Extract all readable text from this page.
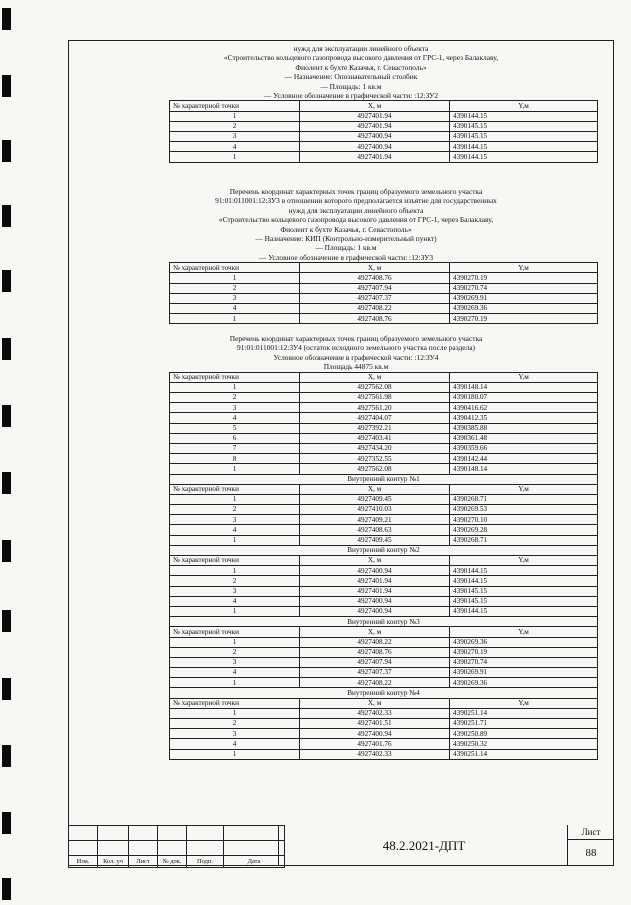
нужд для эксплуатации линейного объекта
«Строительство кольцевого газопровода высокого давления от ГРС-1, через Балаклаву,
Фиолент к бухте Казачья, г. Севастополь»
— Назначение: Опознавательный столбик
— Площадь: 1 кв.м
— Условное обозначение в графической части: :12:ЗУ2
№ характерной точки	X, м	Y,м
1	4927401.94	4390144.15
2	4927401.94	4390145.15
3	4927400.94	4390145.15
4	4927400.94	4390144.15
1	4927401.94	4390144.15
Перечень координат характерных точек границ образуемого земельного участка
91:01:011001:12:ЗУ3 в отношении которого предполагается изъятие для государственных
нужд для эксплуатации линейного объекта
«Строительство кольцевого газопровода высокого давления от ГРС-1, через Балаклаву,
Фиолент к бухте Казачья, г. Севастополь»
— Назначение: КИП (Контрольно-измерительный пункт)
— Площадь: 1 кв.м
— Условное обозначение в графической части: :12:ЗУ3
№ характерной точки	X, м	Y,м
1	4927408.76	4390270.19
2	4927407.94	4390270.74
3	4927407.37	4390269.91
4	4927408.22	4390269.36
1	4927408.76	4390270.19
Перечень координат характерных точек границ образуемого земельного участка
91:01:011001:12:ЗУ4 (остаток исходного земельного участка после раздела)
Условное обозначение в графической части: :12:ЗУ4
Площадь 44875 кв.м
№ характерной точки	X, м	Y,м
1	4927562.08	4390148.14
2	4927561.98	4390180.07
3	4927561.20	4390416.62
4	4927404.07	4390412.35
5	4927392.21	4390385.88
6	4927403.41	4390361.48
7	4927434.20	4390359.66
8	4927352.55	4390142.44
1	4927562.08	4390148.14
Внутренний контур №1		
№ характерной точки	X, м	Y,м
1	4927409.45	4390268.71
2	4927410.03	4390269.53
3	4927409.21	4390270.10
4	4927408.63	4390269.28
1	4927409.45	4390268.71
Внутренний контур №2		
№ характерной точки	X, м	Y,м
1	4927400.94	4390144.15
2	4927401.94	4390144.15
3	4927401.94	4390145.15
4	4927400.94	4390145.15
1	4927400.94	4390144.15
Внутренний контур №3		
№ характерной точки	X, м	Y,м
1	4927408.22	4390269.36
2	4927408.76	4390270.19
3	4927407.94	4390270.74
4	4927407.37	4390269.91
1	4927408.22	4390269.36
Внутренний контур №4		
№ характерной точки	X, м	Y,м
1	4927402.33	4390251.14
2	4927401.51	4390251.71
3	4927400.94	4390250.89
4	4927401.76	4390250.32
1	4927402.33	4390251.14

Изм.	Кол. уч	Лист	№ док.	Подп.	Дата
48.2.2021-ДПТ
Лист
88
